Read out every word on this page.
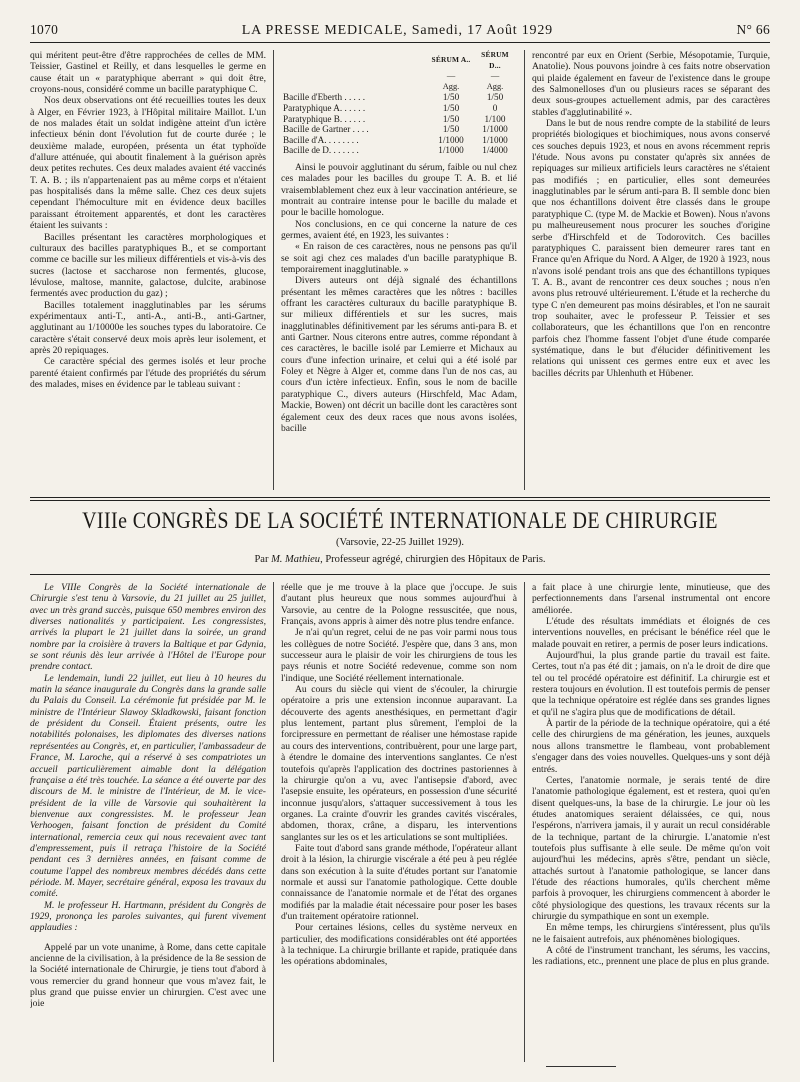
1070	LA PRESSE MEDICALE, Samedi, 17 Août 1929	N° 66

qui méritent peut-être d'être rapprochées de celles de MM. Teissier, Gastinel et Reilly, et dans lesquelles le germe en cause était un « paratyphique aberrant » qui doit être, croyons-nous, considéré comme un bacille paratyphique C.

Nos deux observations ont été recueillies toutes les deux à Alger, en Février 1923, à l'Hôpital militaire Maillot. L'un de nos malades était un soldat indigène atteint d'un ictère infectieux bénin dont l'évolution fut de courte durée ; le deuxième malade, européen, présenta un état typhoïde d'allure atténuée, qui aboutit finalement à la guérison après deux petites rechutes. Ces deux malades avaient été vaccinés T. A. B. ; ils n'appartenaient pas au même corps et n'étaient pas hospitalisés dans la même salle. Chez ces deux sujets cependant l'hémoculture mit en évidence deux bacilles paraissant étroitement apparentés, et dont les caractères étaient les suivants :

Bacilles présentant les caractères morphologiques et culturaux des bacilles paratyphiques B., et se comportant comme ce bacille sur les milieux différentiels et vis-à-vis des sucres (lactose et saccharose non fermentés, glucose, lévulose, maltose, mannite, galactose, dulcite, arabinose fermentés avec production du gaz) ;

Bacilles totalement inagglutinables par les sérums expérimentaux anti-T., anti-A., anti-B., anti-Gartner, agglutinant au 1/10000e les souches types du laboratoire. Ce caractère s'était conservé deux mois après leur isolement, et après 20 repiquages.

Ce caractère spécial des germes isolés et leur proche parenté étaient confirmés par l'étude des propriétés du sérum des malades, mises en évidence par le tableau suivant :

	SÉRUM A..	SÉRUM D...
	—	—
	Agg.	Agg.
Bacille d'Eberth . . . . .	1/50	1/50
Paratyphique A. . . . . .	1/50	0
Paratyphique B. . . . . .	1/50	1/100
Bacille de Gartner . . . .	1/50	1/1000
Bacille d'A. . . . . . . .	1/1000	1/1000
Bacille de D. . . . . . .	1/1000	1/4000

Ainsi le pouvoir agglutinant du sérum, faible ou nul chez ces malades pour les bacilles du groupe T. A. B. et lié vraisemblablement chez eux à leur vaccination antérieure, se montrait au contraire intense pour le bacille du malade et pour le bacille homologue.

Nos conclusions, en ce qui concerne la nature de ces germes, avaient été, en 1923, les suivantes :

« En raison de ces caractères, nous ne pensons pas qu'il se soit agi chez ces malades d'un bacille paratyphique B. temporairement inagglutinable. »

Divers auteurs ont déjà signalé des échantillons présentant les mêmes caractères que les nôtres : bacilles offrant les caractères culturaux du bacille paratyphique B. sur milieux différentiels et sur les sucres, mais inagglutinables définitivement par les sérums anti-para B. et anti Gartner. Nous citerons entre autres, comme répondant à ces caractères, le bacille isolé par Lemierre et Michaux au cours d'une infection urinaire, et celui qui a été isolé par Foley et Nègre à Alger et, comme dans l'un de nos cas, au cours d'un ictère infectieux. Enfin, sous le nom de bacille paratyphique C., divers auteurs (Hirschfeld, Mac Adam, Mackie, Bowen) ont décrit un bacille dont les caractères sont également ceux des deux races que nous avons isolées, bacille

rencontré par eux en Orient (Serbie, Mésopotamie, Turquie, Anatolie). Nous pouvons joindre à ces faits notre observation qui plaide également en faveur de l'existence dans le groupe des Salmonelloses d'un ou plusieurs races se séparant des deux sous-groupes actuellement admis, par des caractères stables d'agglutinabilité ».

Dans le but de nous rendre compte de la stabilité de leurs propriétés biologiques et biochimiques, nous avons conservé ces souches depuis 1923, et nous en avons récemment repris l'étude. Nous avons pu constater qu'après six années de repiquages sur milieux artificiels leurs caractères ne s'étaient pas modifiés ; en particulier, elles sont demeurées inagglutinables par le sérum anti-para B. Il semble donc bien que nos échantillons doivent être classés dans le groupe paratyphique C. (type M. de Mackie et Bowen). Nous n'avons pu malheureusement nous procurer les souches d'origine serbe d'Hirschfeld et de Todorovitch. Ces bacilles paratyphiques C. paraissent bien demeurer rares tant en France qu'en Afrique du Nord. A Alger, de 1920 à 1923, nous n'avons isolé pendant trois ans que des échantillons typiques T. A. B., avant de rencontrer ces deux souches ; nous n'en avons plus retrouvé ultérieurement. L'étude et la recherche du type C n'en demeurent pas moins désirables, et l'on ne saurait trop souhaiter, avec le professeur P. Teissier et ses collaborateurs, que les échantillons que l'on en rencontre parfois chez l'homme fassent l'objet d'une étude comparée systématique, dans le but d'élucider définitivement les relations qui unissent ces germes entre eux et avec les bacilles décrits par Uhlenhuth et Hübener.

VIIIe CONGRÈS DE LA SOCIÉTÉ INTERNATIONALE DE CHIRURGIE
(Varsovie, 22-25 Juillet 1929).
Par M. Mathieu, Professeur agrégé, chirurgien des Hôpitaux de Paris.

Le VIIIe Congrès de la Société internationale de Chirurgie s'est tenu à Varsovie, du 21 juillet au 25 juillet, avec un très grand succès, puisque 650 membres environ des diverses nationalités y participaient. Les congressistes, arrivés la plupart le 21 juillet dans la soirée, un grand nombre par la croisière à travers la Baltique et par Gdynia, se sont réunis dès leur arrivée à l'Hôtel de l'Europe pour prendre contact.

Le lendemain, lundi 22 juillet, eut lieu à 10 heures du matin la séance inaugurale du Congrès dans la grande salle du Palais du Conseil. La cérémonie fut présidée par M. le ministre de l'Intérieur Slawoy Skladkowski, faisant fonction de président du Conseil. Étaient présents, outre les notabilités polonaises, les diplomates des diverses nations représentées au Congrès, et, en particulier, l'ambassadeur de France, M. Laroche, qui a réservé à ses compatriotes un accueil particulièrement aimable dont la délégation française a été très touchée. La séance a été ouverte par des discours de M. le ministre de l'Intérieur, de M. le vice-président de la ville de Varsovie qui souhaitèrent la bienvenue aux congressistes. M. le professeur Jean Verhoogen, faisant fonction de président du Comité international, remercia ceux qui nous recevaient avec tant d'empressement, puis il retraça l'histoire de la Société pendant ces 3 dernières années, en faisant comme de coutume l'appel des nombreux membres décédés dans cette période. M. Mayer, secrétaire général, exposa les travaux du comité.

M. le professeur H. Hartmann, président du Congrès de 1929, prononça les paroles suivantes, qui furent vivement applaudies :

Appelé par un vote unanime, à Rome, dans cette capitale ancienne de la civilisation, à la présidence de la 8e session de la Société internationale de Chirurgie, je tiens tout d'abord à vous remercier du grand honneur que vous m'avez fait, le plus grand que puisse envier un chirurgien. C'est avec une joie

réelle que je me trouve à la place que j'occupe. Je suis d'autant plus heureux que nous sommes aujourd'hui à Varsovie, au centre de la Pologne ressuscitée, que nous, Français, avons appris à aimer dès notre plus tendre enfance.

Je n'ai qu'un regret, celui de ne pas voir parmi nous tous les collègues de notre Société. J'espère que, dans 3 ans, mon successeur aura le plaisir de voir les chirurgiens de tous les pays réunis et notre Société redevenue, comme son nom l'indique, une Société réellement internationale.

Au cours du siècle qui vient de s'écouler, la chirurgie opératoire a pris une extension inconnue auparavant. La découverte des agents anesthésiques, en permettant d'agir plus lentement, partant plus sûrement, l'emploi de la forcipressure en permettant de réaliser une hémostase rapide au cours des interventions, contribuèrent, pour une large part, à étendre le domaine des interventions sanglantes. Ce n'est toutefois qu'après l'application des doctrines pastoriennes à la chirurgie qu'on a vu, avec l'antisepsie d'abord, avec l'asepsie ensuite, les opérateurs, en possession d'une sécurité inconnue jusqu'alors, s'attaquer successivement à tous les organes. La crainte d'ouvrir les grandes cavités viscérales, abdomen, thorax, crâne, a disparu, les interventions sanglantes sur les os et les articulations se sont multipliées.

Faite tout d'abord sans grande méthode, l'opérateur allant droit à la lésion, la chirurgie viscérale a été peu à peu réglée dans son exécution à la suite d'études portant sur l'anatomie normale et aussi sur l'anatomie pathologique. Cette double connaissance de l'anatomie normale et de l'état des organes modifiés par la maladie était nécessaire pour poser les bases d'un traitement opératoire rationnel.

Pour certaines lésions, celles du système nerveux en particulier, des modifications considérables ont été apportées à la technique. La chirurgie brillante et rapide, pratiquée dans les opérations abdominales,

a fait place à une chirurgie lente, minutieuse, que des perfectionnements dans l'arsenal instrumental ont encore améliorée.

L'étude des résultats immédiats et éloignés de ces interventions nouvelles, en précisant le bénéfice réel que le malade pouvait en retirer, a permis de poser leurs indications.

Aujourd'hui, la plus grande partie du travail est faite. Certes, tout n'a pas été dit ; jamais, on n'a le droit de dire que tel ou tel procédé opératoire est définitif. La chirurgie est et restera toujours en évolution. Il est toutefois permis de penser que la technique opératoire est réglée dans ses grandes lignes et qu'il ne s'agira plus que de modifications de détail.

À partir de la période de la technique opératoire, qui a été celle des chirurgiens de ma génération, les jeunes, auxquels nous allons transmettre le flambeau, vont probablement s'engager dans des voies nouvelles. Quelques-uns y sont déjà entrés.

Certes, l'anatomie normale, je serais tenté de dire l'anatomie pathologique également, est et restera, quoi qu'en disent quelques-uns, la base de la chirurgie. Le jour où les études anatomiques seraient délaissées, ce qui, nous l'espérons, n'arrivera jamais, il y aurait un recul considérable de la technique, partant de la chirurgie. L'anatomie n'est toutefois plus suffisante à elle seule. De même qu'on voit aujourd'hui les médecins, après s'être, pendant un siècle, attachés surtout à l'anatomie pathologique, se lancer dans l'étude des réactions humorales, qu'ils cherchent même parfois à provoquer, les chirurgiens commencent à aborder le côté physiologique des questions, les travaux récents sur la chirurgie du sympathique en sont un exemple.

En même temps, les chirurgiens s'intéressent, plus qu'ils ne le faisaient autrefois, aux phénomènes biologiques.

A côté de l'instrument tranchant, les sérums, les vaccins, les radiations, etc., prennent une place de plus en plus grande.
